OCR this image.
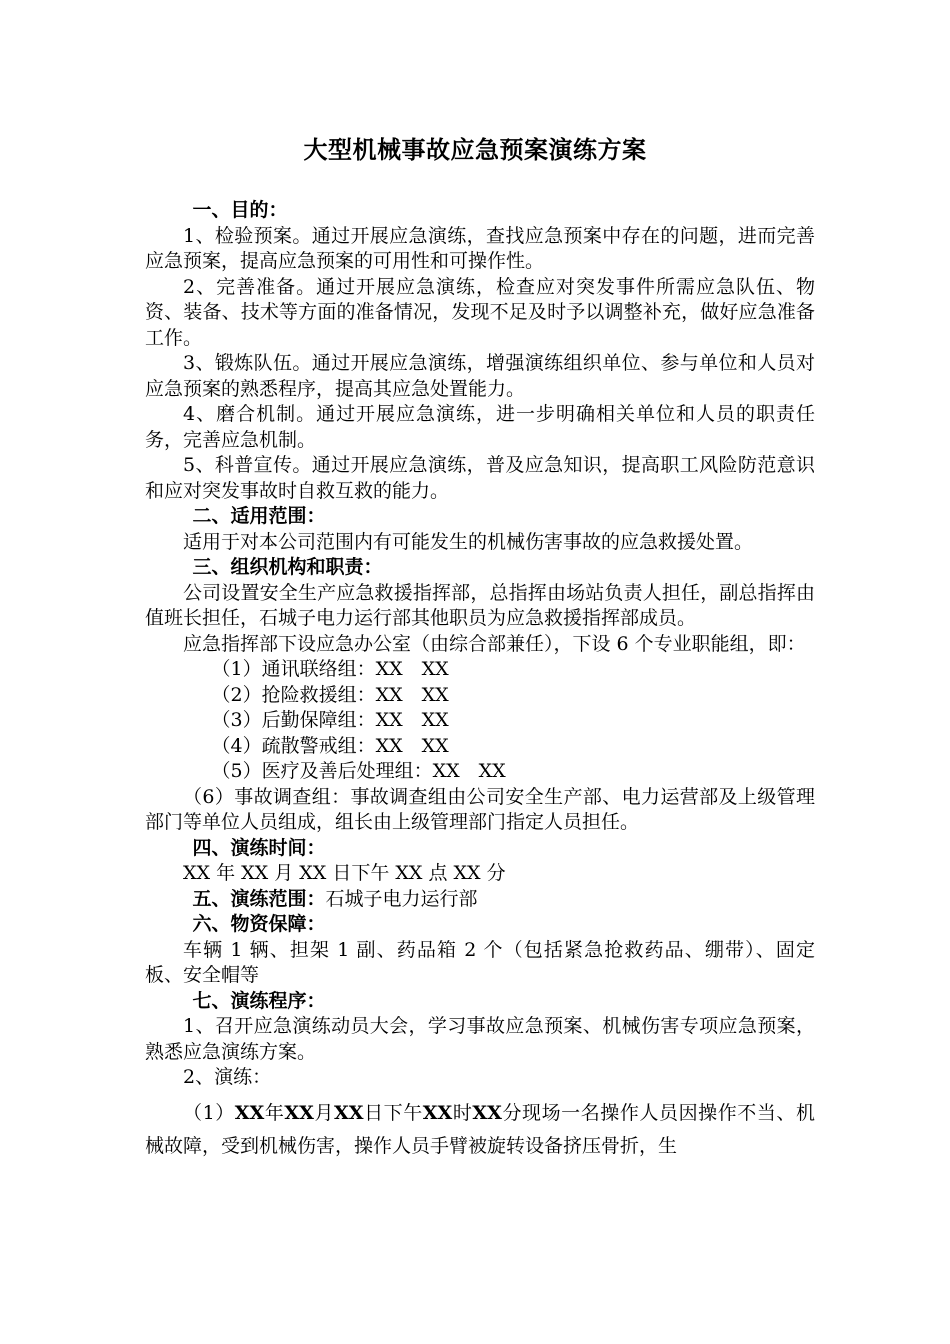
大型机械事故应急预案演练方案

一、目的：

1、检验预案。通过开展应急演练，查找应急预案中存在的问题，进而完善应急预案，提高应急预案的可用性和可操作性。

2、完善准备。通过开展应急演练，检查应对突发事件所需应急队伍、物资、装备、技术等方面的准备情况，发现不足及时予以调整补充，做好应急准备工作。

3、锻炼队伍。通过开展应急演练，增强演练组织单位、参与单位和人员对应急预案的熟悉程序，提高其应急处置能力。

4、磨合机制。通过开展应急演练，进一步明确相关单位和人员的职责任务，完善应急机制。

5、科普宣传。通过开展应急演练，普及应急知识，提高职工风险防范意识和应对突发事故时自救互救的能力。

二、适用范围：

适用于对本公司范围内有可能发生的机械伤害事故的应急救援处置。

三、组织机构和职责：

公司设置安全生产应急救援指挥部，总指挥由场站负责人担任，副总指挥由值班长担任，石城子电力运行部其他职员为应急救援指挥部成员。

应急指挥部下设应急办公室（由综合部兼任），下设 6 个专业职能组，即：

（1）通讯联络组：XX　XX

（2）抢险救援组：XX　XX

（3）后勤保障组：XX　XX

（4）疏散警戒组：XX　XX

（5）医疗及善后处理组：XX　XX

（6）事故调查组：事故调查组由公司安全生产部、电力运营部及上级管理部门等单位人员组成，组长由上级管理部门指定人员担任。

四、演练时间：

XX 年 XX 月 XX 日下午 XX 点 XX 分

五、演练范围：石城子电力运行部

六、物资保障：

车辆 1 辆、担架 1 副、药品箱 2 个（包括紧急抢救药品、绷带）、固定板、安全帽等

七、演练程序：

1、召开应急演练动员大会，学习事故应急预案、机械伤害专项应急预案，熟悉应急演练方案。

2、演练：

（1）XX年XX月XX日下午XX时XX分现场一名操作人员因操作不当、机械故障，受到机械伤害，操作人员手臂被旋转设备挤压骨折，生
